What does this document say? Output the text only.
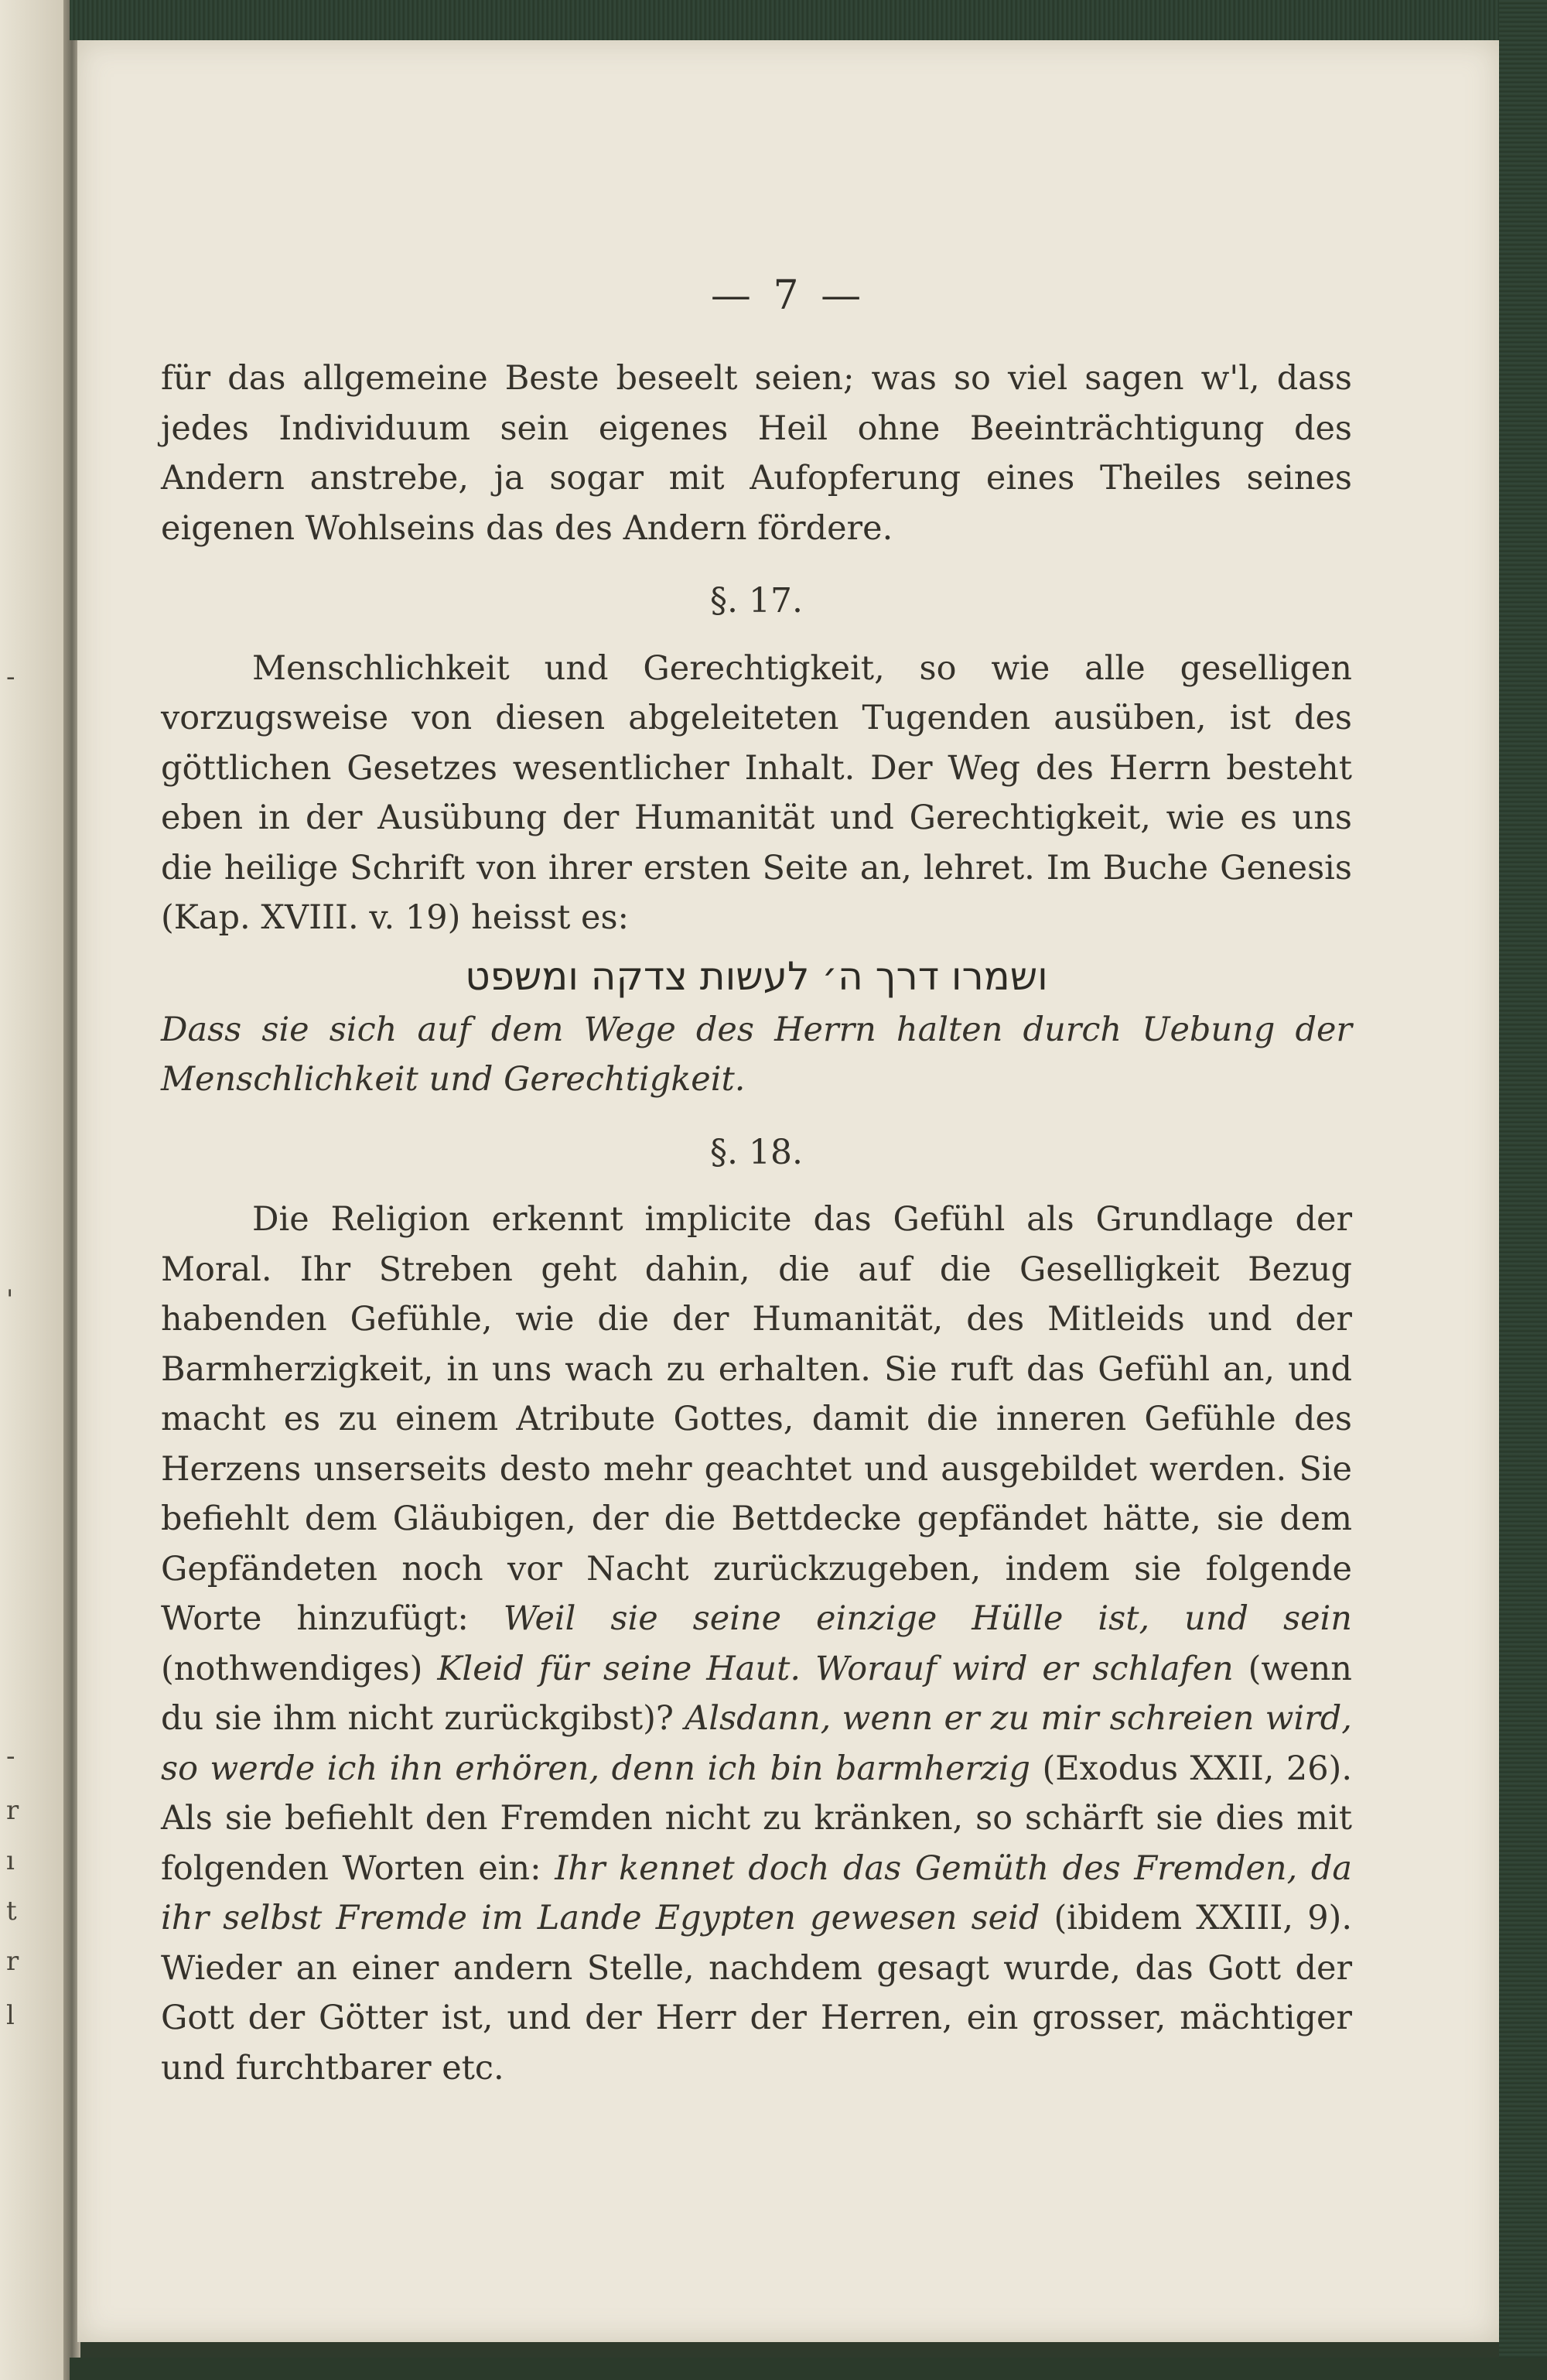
-
'
-
r
ı
t
r
l
— 7 —

für das allgemeine Beste beseelt seien; was so viel sagen w'l, dass jedes Individuum sein eigenes Heil ohne Beeinträchtigung des Andern anstrebe, ja sogar mit Aufopferung eines Theiles seines eigenen Wohlseins das des Andern fördere.

§. 17.

Menschlichkeit und Gerechtigkeit, so wie alle geselligen vorzugsweise von diesen abgeleiteten Tugenden ausüben, ist des göttlichen Gesetzes wesentlicher Inhalt. Der Weg des Herrn besteht eben in der Ausübung der Humanität und Gerechtigkeit, wie es uns die heilige Schrift von ihrer ersten Seite an, lehret. Im Buche Genesis (Kap. XVIII. v. 19) heisst es:

ושמרו דרך ה׳ לעשות צדקה ומשפט

Dass sie sich auf dem Wege des Herrn halten durch Uebung der Menschlichkeit und Gerechtigkeit.

§. 18.

Die Religion erkennt implicite das Gefühl als Grundlage der Moral. Ihr Streben geht dahin, die auf die Geselligkeit Bezug habenden Gefühle, wie die der Humanität, des Mitleids und der Barmherzigkeit, in uns wach zu erhalten. Sie ruft das Gefühl an, und macht es zu einem Atribute Gottes, damit die inneren Gefühle des Herzens unserseits desto mehr geachtet und ausgebildet werden. Sie befiehlt dem Gläubigen, der die Bettdecke gepfändet hätte, sie dem Gepfändeten noch vor Nacht zurückzugeben, indem sie folgende Worte hinzufügt: Weil sie seine einzige Hülle ist, und sein (nothwendiges) Kleid für seine Haut. Worauf wird er schlafen (wenn du sie ihm nicht zurückgibst)? Alsdann, wenn er zu mir schreien wird, so werde ich ihn erhören, denn ich bin barmherzig (Exodus XXII, 26). Als sie befiehlt den Fremden nicht zu kränken, so schärft sie dies mit folgenden Worten ein: Ihr kennet doch das Gemüth des Fremden, da ihr selbst Fremde im Lande Egypten gewesen seid (ibidem XXIII, 9). Wieder an einer andern Stelle, nachdem gesagt wurde, das Gott der Gott der Götter ist, und der Herr der Herren, ein grosser, mächtiger und furchtbarer etc.
